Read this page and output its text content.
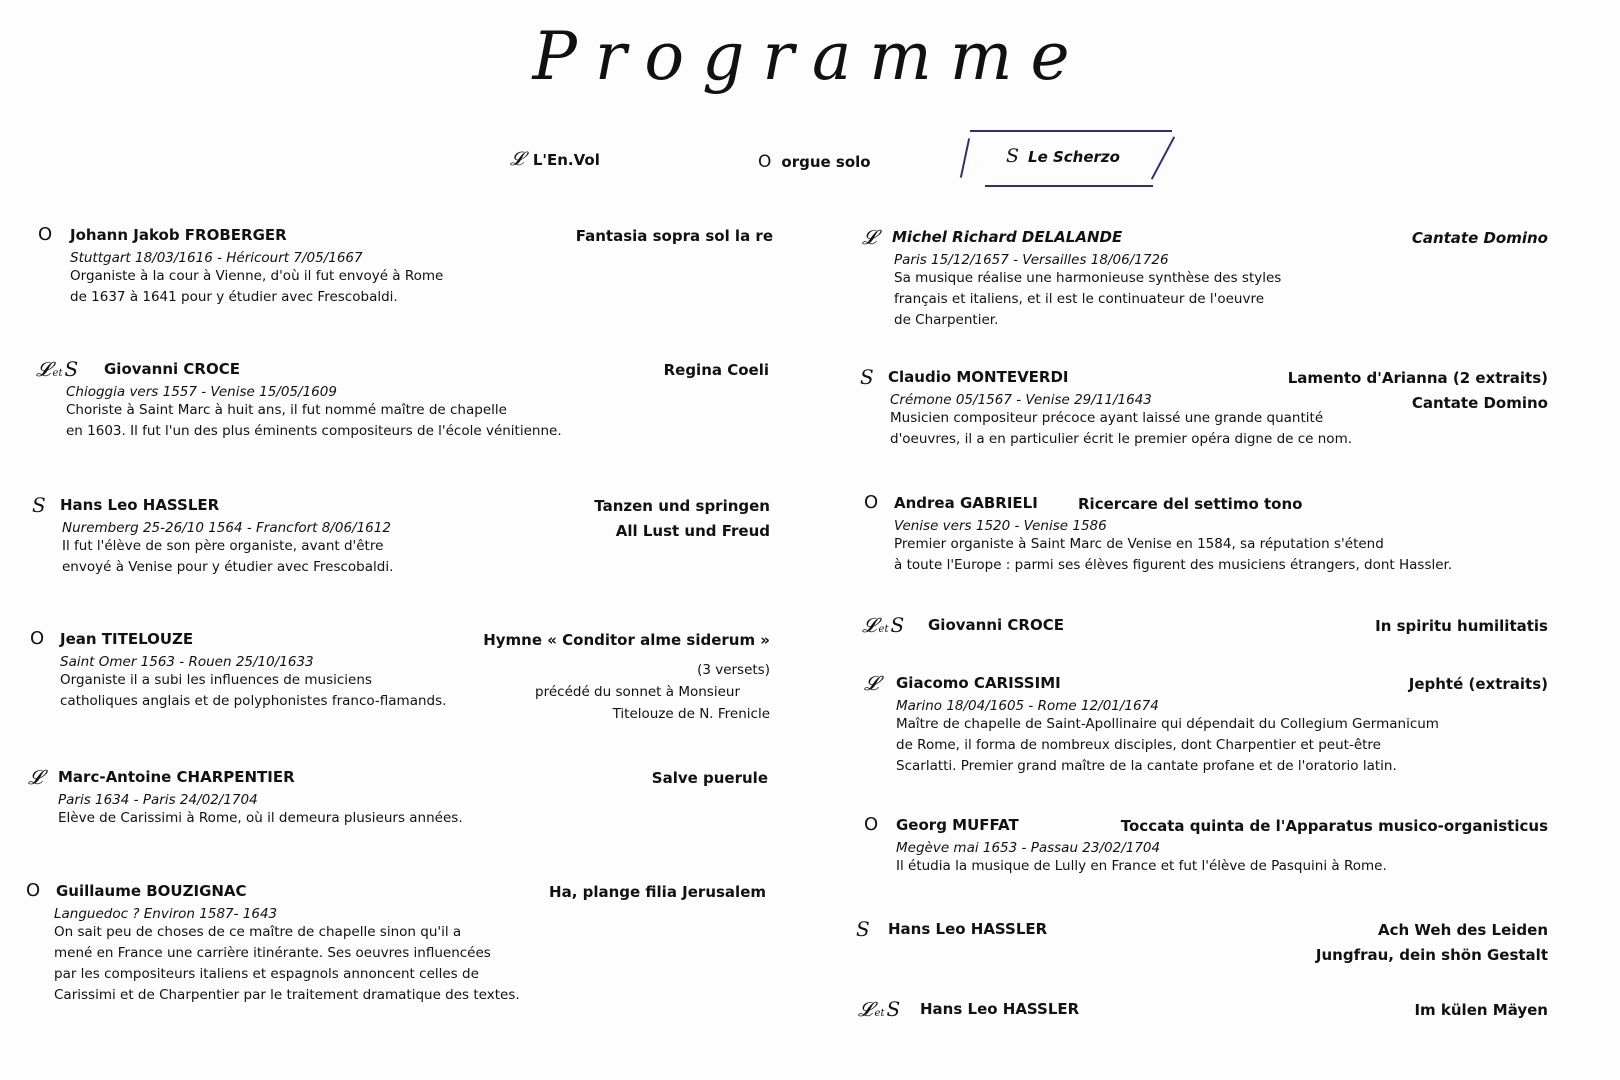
Programme
𝓛 L'En.Vol	O orgue solo	S Le Scherzo
O Johann Jakob FROBERGER	Fantasia sopra sol la re
Stuttgart 18/03/1616 - Héricourt 7/05/1667
Organiste à la cour à Vienne, d'où il fut envoyé à Rome
de 1637 à 1641 pour y étudier avec Frescobaldi.
𝓛et S Giovanni CROCE	Regina Coeli
Chioggia vers 1557 - Venise 15/05/1609
Choriste à Saint Marc à huit ans, il fut nommé maître de chapelle
en 1603. Il fut l'un des plus éminents compositeurs de l'école vénitienne.
S Hans Leo HASSLER	Tanzen und springen
All Lust und Freud
Nuremberg 25-26/10 1564 - Francfort 8/06/1612
Il fut l'élève de son père organiste, avant d'être
envoyé à Venise pour y étudier avec Frescobaldi.
O Jean TITELOUZE	Hymne « Conditor alme siderum »
(3 versets)
précédé du sonnet à Monsieur
Titelouze de N. Frenicle
Saint Omer 1563 - Rouen 25/10/1633
Organiste il a subi les influences de musiciens
catholiques anglais et de polyphonistes franco-flamands.
𝓛 Marc-Antoine CHARPENTIER	Salve puerule
Paris 1634 - Paris 24/02/1704
Elève de Carissimi à Rome, où il demeura plusieurs années.
O Guillaume BOUZIGNAC	Ha, plange filia Jerusalem
Languedoc ? Environ 1587- 1643
On sait peu de choses de ce maître de chapelle sinon qu'il a
mené en France une carrière itinérante. Ses oeuvres influencées
par les compositeurs italiens et espagnols annoncent celles de
Carissimi et de Charpentier par le traitement dramatique des textes.
𝓛 Michel Richard DELALANDE	Cantate Domino
Paris 15/12/1657 - Versailles 18/06/1726
Sa musique réalise une harmonieuse synthèse des styles
français et italiens, et il est le continuateur de l'oeuvre
de Charpentier.
S Claudio MONTEVERDI	Lamento d'Arianna (2 extraits)
Cantate Domino
Crémone 05/1567 - Venise 29/11/1643
Musicien compositeur précoce ayant laissé une grande quantité
d'oeuvres, il a en particulier écrit le premier opéra digne de ce nom.
O Andrea GABRIELI	Ricercare del settimo tono
Venise vers 1520 - Venise 1586
Premier organiste à Saint Marc de Venise en 1584, sa réputation s'étend
à toute l'Europe : parmi ses élèves figurent des musiciens étrangers, dont Hassler.
𝓛et S Giovanni CROCE	In spiritu humilitatis
𝓛 Giacomo CARISSIMI	Jephté (extraits)
Marino 18/04/1605 - Rome 12/01/1674
Maître de chapelle de Saint-Apollinaire qui dépendait du Collegium Germanicum
de Rome, il forma de nombreux disciples, dont Charpentier et peut-être
Scarlatti. Premier grand maître de la cantate profane et de l'oratorio latin.
O Georg MUFFAT	Toccata quinta de l'Apparatus musico-organisticus
Megève mai 1653 - Passau 23/02/1704
Il étudia la musique de Lully en France et fut l'élève de Pasquini à Rome.
S Hans Leo HASSLER	Ach Weh des Leiden
Jungfrau, dein shön Gestalt
𝓛et S Hans Leo HASSLER	Im külen Mäyen
